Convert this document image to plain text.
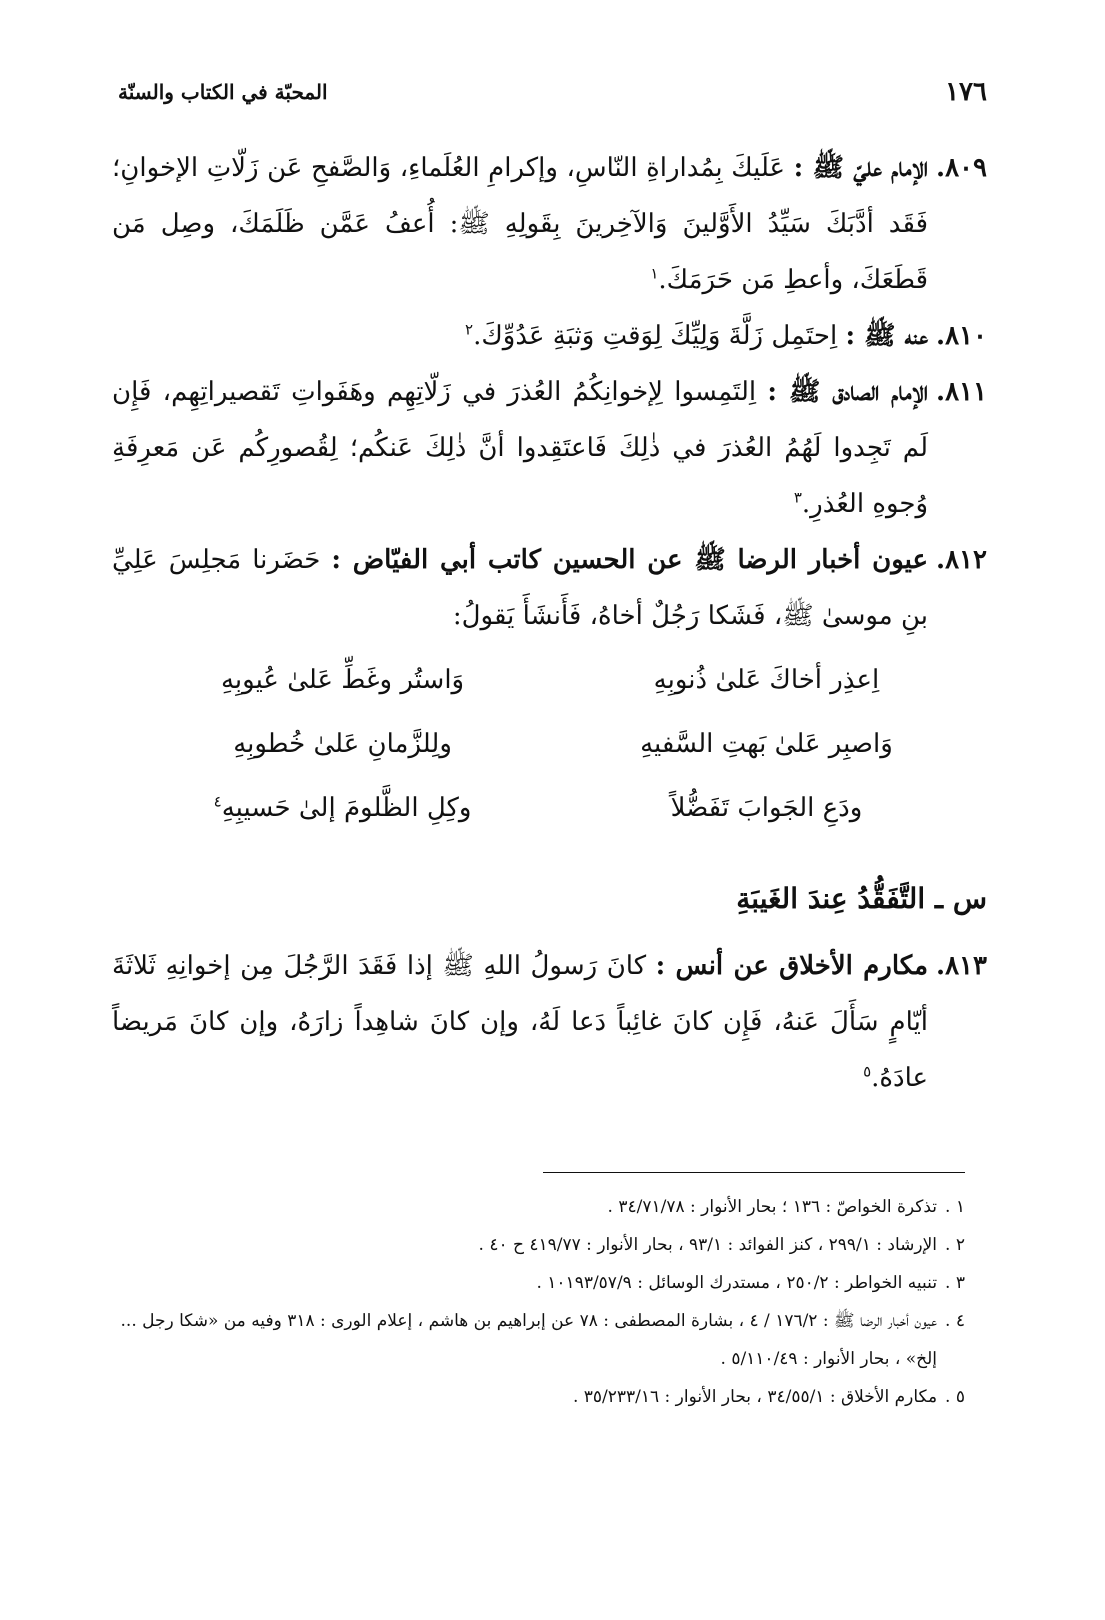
١٧٦
المحبّة في الكتاب والسنّة
٨٠٩.
الإمام عليّ ﷺ : عَلَيكَ بِمُداراةِ النّاسِ، وإكرامِ العُلَماءِ، وَالصَّفحِ عَن زَلّاتِ الإخوانِ؛ فَقَد أدَّبَكَ سَيِّدُ الأَوَّلينَ وَالآخِرينَ بِقَولِهِ ﷺ: أُعفُ عَمَّن ظَلَمَكَ، وصِل مَن قَطَعَكَ، وأعطِ مَن حَرَمَكَ.$^١$
٨١٠.
عنه ﷺ : اِحتَمِل زَلَّةَ وَلِيِّكَ لِوَقتِ وَثبَةِ عَدُوِّكَ.$^٢$
٨١١.
الإمام الصادق ﷺ : اِلتَمِسوا لِإخوانِكُمُ العُذرَ في زَلّاتِهِم وهَفَواتِ تَقصيراتِهِم، فَإِن لَم تَجِدوا لَهُمُ العُذرَ في ذٰلِكَ فَاعتَقِدوا أنَّ ذٰلِكَ عَنكُم؛ لِقُصورِكُم عَن مَعرِفَةِ وُجوهِ العُذرِ.$^٣$
٨١٢.
عيون أخبار الرضا ﷺ عن الحسين كاتب أبي الفيّاض : حَضَرنا مَجلِسَ عَلِيِّ بنِ موسىٰ ﷺ، فَشَكا رَجُلٌ أخاهُ، فَأَنشَأَ يَقولُ:
اِعذِر أخاكَ عَلىٰ ذُنوبِهِ
وَاستُر وغَطِّ عَلىٰ عُيوبِهِ
وَاصبِر عَلىٰ بَهتِ السَّفيهِ
ولِلزَّمانِ عَلىٰ خُطوبِهِ
ودَعِ الجَوابَ تَفَضُّلاً
وكِلِ الظَّلومَ إلىٰ حَسيبِهِ$^٤$
س ـ التَّفَقُّدُ عِندَ الغَيبَةِ
٨١٣.
مكارم الأخلاق عن أنس : كانَ رَسولُ اللهِ ﷺ إذا فَقَدَ الرَّجُلَ مِن إخوانِهِ ثَلاثَةَ أيّامٍ سَأَلَ عَنهُ، فَإِن كانَ غائِباً دَعا لَهُ، وإن كانَ شاهِداً زارَهُ، وإن كانَ مَريضاً عادَهُ.$^٥$
١ .
تذكرة الخواصّ : ١٣٦ ؛ بحار الأنوار : ٣٤/٧١/٧٨ .
٢ .
الإرشاد : ٢٩٩/١ ، كنز الفوائد : ٩٣/١ ، بحار الأنوار : ٤١٩/٧٧ ح ٤٠ .
٣ .
تنبيه الخواطر : ٢٥٠/٢ ، مستدرك الوسائل : ١٠١٩٣/٥٧/٩ .
٤ .
عيون أخبار الرضا ﷺ : ١٧٦/٢ / ٤ ، بشارة المصطفى : ٧٨ عن إبراهيم بن هاشم ، إعلام الورى : ٣١٨ وفيه من «شكا رجل ... إلخ» ، بحار الأنوار : ٥/١١٠/٤٩ .
٥ .
مكارم الأخلاق : ٣٤/٥٥/١ ، بحار الأنوار : ٣٥/٢٣٣/١٦ .
